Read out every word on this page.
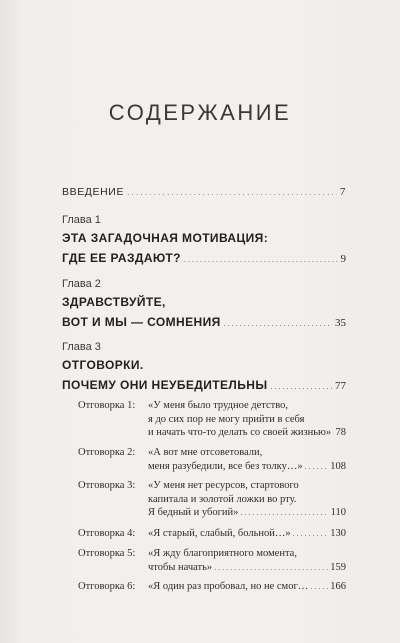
СОДЕРЖАНИЕ
ВВЕДЕНИЕ . . .	7
Глава 1
ЭТА ЗАГАДОЧНАЯ МОТИВАЦИЯ:
ГДЕ ЕЕ РАЗДАЮТ? . . .	9
Глава 2
ЗДРАВСТВУЙТЕ,
ВОТ И МЫ — СОМНЕНИЯ . . .	35
Глава 3
ОТГОВОРКИ.
ПОЧЕМУ ОНИ НЕУБЕДИТЕЛЬНЫ . . .	77
Отговорка 1: «У меня было трудное детство,
я до сих пор не могу прийти в себя
и начать что-то делать со своей жизнью» . . . 78
Отговорка 2: «А вот мне отсоветовали,
меня разубедили, все без толку…» . . .	108
Отговорка 3: «У меня нет ресурсов, стартового
капитала и золотой ложки во рту.
Я бедный и убогий» . . .	110
Отговорка 4: «Я старый, слабый, больной…» . . .	130
Отговорка 5: «Я жду благоприятного момента,
чтобы начать» . . .	159
Отговорка 6: «Я один раз пробовал, но не смог… . . . 166
